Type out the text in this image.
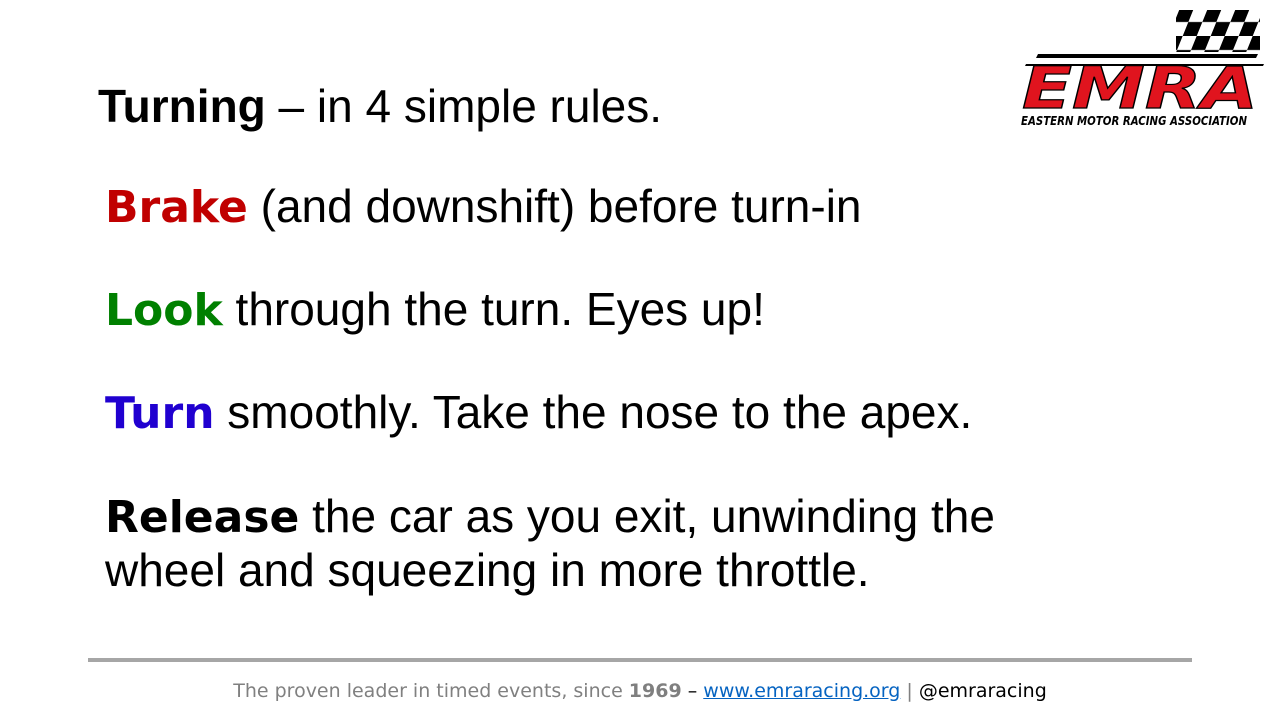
Turning – in 4 simple rules.
Brake (and downshift) before turn-in
Look through the turn. Eyes up!
Turn smoothly. Take the nose to the apex.
Release the car as you exit, unwinding the wheel and squeezing in more throttle.
EMRA
EASTERN MOTOR RACING ASSOCIATION
The proven leader in timed events, since 1969 – www.emraracing.org | @emraracing
